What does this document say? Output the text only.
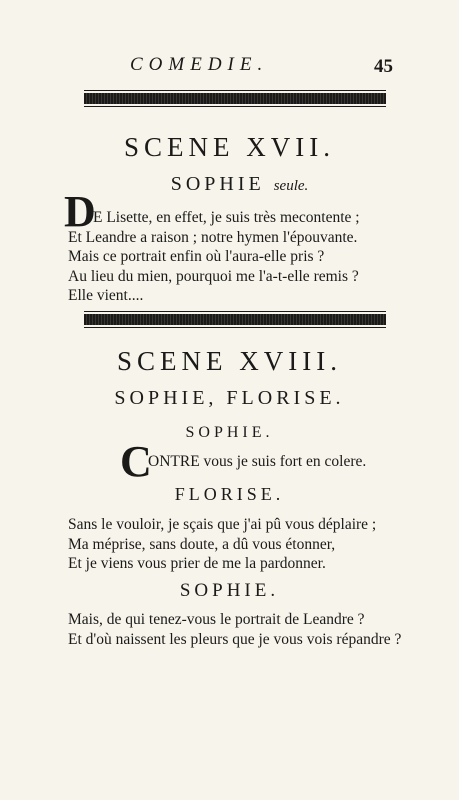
COMEDIE.	45
SCENE XVII.
SOPHIE seule.
D
E Lisette, en effet, je suis très mecontente ;
Et Leandre a raison ; notre hymen l'épouvante.
Mais ce portrait enfin où l'aura-elle pris ?
Au lieu du mien, pourquoi me l'a-t-elle remis ?
Elle vient....
SCENE XVIII.
SOPHIE, FLORISE.
SOPHIE.
C
ONTRE vous je suis fort en colere.
FLORISE.
Sans le vouloir, je sçais que j'ai pû vous déplaire ;
Ma méprise, sans doute, a dû vous étonner,
Et je viens vous prier de me la pardonner.
SOPHIE.
Mais, de qui tenez-vous le portrait de Leandre ?
Et d'où naissent les pleurs que je vous vois répandre ?
